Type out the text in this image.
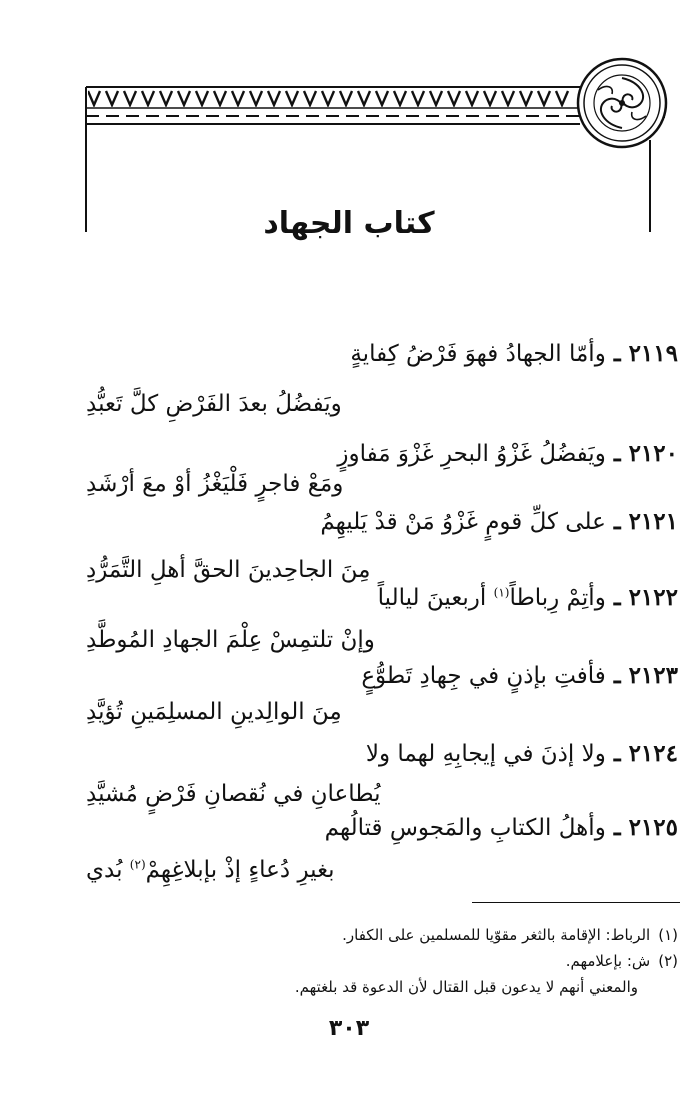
كتاب الجهاد
٢١١٩ ـ وأمّا الجهادُ فهوَ فَرْضُ كِفايةٍ
ويَفضُلُ بعدَ الفَرْضِ كلَّ تَعبُّدِ
٢١٢٠ ـ ويَفضُلُ غَزْوُ البحرِ غَزْوَ مَفاوزٍ
ومَعْ فاجرٍ فَلْيَغْزُ أوْ معَ أرْشَدِ
٢١٢١ ـ على كلِّ قومٍ غَزْوُ مَنْ قدْ يَليهِمُ
مِنَ الجاحِدينَ الحقَّ أهلِ التَّمَرُّدِ
٢١٢٢ ـ وأتِمْ رِباطاً$^{(١)}$ أربعينَ ليالياً
وإنْ تلتمِسْ عِلْمَ الجهادِ المُوطَّدِ
٢١٢٣ ـ فأفتِ بإذنٍ في جِهادِ تَطوُّعٍ
مِنَ الوالِدينِ المسلِمَينِ تُؤيَّدِ
٢١٢٤ ـ ولا إذنَ في إيجابِهِ لهما ولا
يُطاعانِ في نُقصانِ فَرْضٍ مُشيَّدِ
٢١٢٥ ـ وأهلُ الكتابِ والمَجوسِ قتالُهم
بغيرِ دُعاءٍ إذْ بإبلاغِهِمْ$^{(٢)}$ بُدي
(١)الرباط: الإقامة بالثغر مقوّيا للمسلمين على الكفار.
(٢)ش: بإعلامهم.
والمعني أنهم لا يدعون قبل القتال لأن الدعوة قد بلغتهم.
٣٠٣
